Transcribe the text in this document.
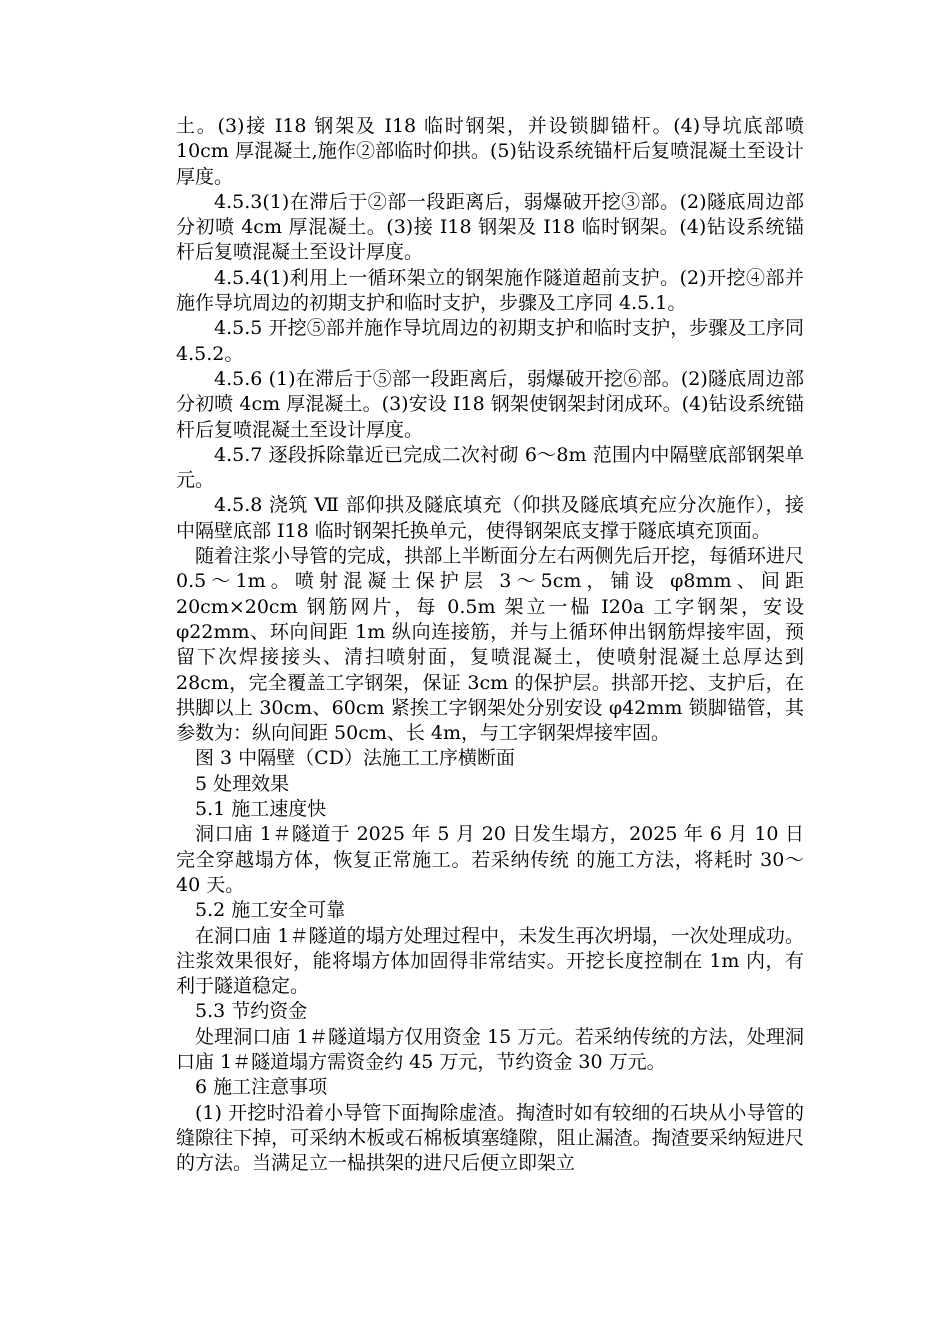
土。(3)接 I18 钢架及 I18 临时钢架，并设锁脚锚杆。(4)导坑底部喷 10cm 厚混凝土,施作②部临时仰拱。(5)钻设系统锚杆后复喷混凝土至设计厚度。

4.5.3(1)在滞后于②部一段距离后，弱爆破开挖③部。(2)隧底周边部分初喷 4cm 厚混凝土。(3)接 I18 钢架及 I18 临时钢架。(4)钻设系统锚杆后复喷混凝土至设计厚度。

4.5.4(1)利用上一循环架立的钢架施作隧道超前支护。(2)开挖④部并施作导坑周边的初期支护和临时支护，步骤及工序同 4.5.1。

4.5.5 开挖⑤部并施作导坑周边的初期支护和临时支护，步骤及工序同 4.5.2。

4.5.6 (1)在滞后于⑤部一段距离后，弱爆破开挖⑥部。(2)隧底周边部分初喷 4cm 厚混凝土。(3)安设 I18 钢架使钢架封闭成环。(4)钻设系统锚杆后复喷混凝土至设计厚度。

4.5.7 逐段拆除靠近已完成二次衬砌 6～8m 范围内中隔壁底部钢架单元。

4.5.8 浇筑 Ⅶ 部仰拱及隧底填充（仰拱及隧底填充应分次施作），接中隔壁底部 I18 临时钢架托换单元，使得钢架底支撑于隧底填充顶面。

随着注浆小导管的完成，拱部上半断面分左右两侧先后开挖，每循环进尺 0.5～1m。喷射混凝土保护层 3～5cm，铺设 φ8mm、间距 20cm×20cm 钢筋网片，每 0.5m 架立一榀 I20a 工字钢架，安设 φ22mm、环向间距 1m 纵向连接筋，并与上循环伸出钢筋焊接牢固，预留下次焊接接头、清扫喷射面，复喷混凝土，使喷射混凝土总厚达到 28cm，完全覆盖工字钢架，保证 3cm 的保护层。拱部开挖、支护后，在拱脚以上 30cm、60cm 紧挨工字钢架处分别安设 φ42mm 锁脚锚管，其参数为：纵向间距 50cm、长 4m，与工字钢架焊接牢固。

图 3 中隔壁（CD）法施工工序横断面

5 处理效果

5.1 施工速度快

洞口庙 1＃隧道于 2025 年 5 月 20 日发生塌方，2025 年 6 月 10 日完全穿越塌方体，恢复正常施工。若采纳传统 的施工方法，将耗时 30～40 天。

5.2 施工安全可靠

在洞口庙 1＃隧道的塌方处理过程中，未发生再次坍塌，一次处理成功。注浆效果很好，能将塌方体加固得非常结实。开挖长度控制在 1m 内，有利于隧道稳定。

5.3 节约资金

处理洞口庙 1＃隧道塌方仅用资金 15 万元。若采纳传统的方法，处理洞口庙 1＃隧道塌方需资金约 45 万元，节约资金 30 万元。

6 施工注意事项

(1) 开挖时沿着小导管下面掏除虚渣。掏渣时如有较细的石块从小导管的缝隙往下掉，可采纳木板或石棉板填塞缝隙，阻止漏渣。掏渣要采纳短进尺的方法。当满足立一榀拱架的进尺后便立即架立
